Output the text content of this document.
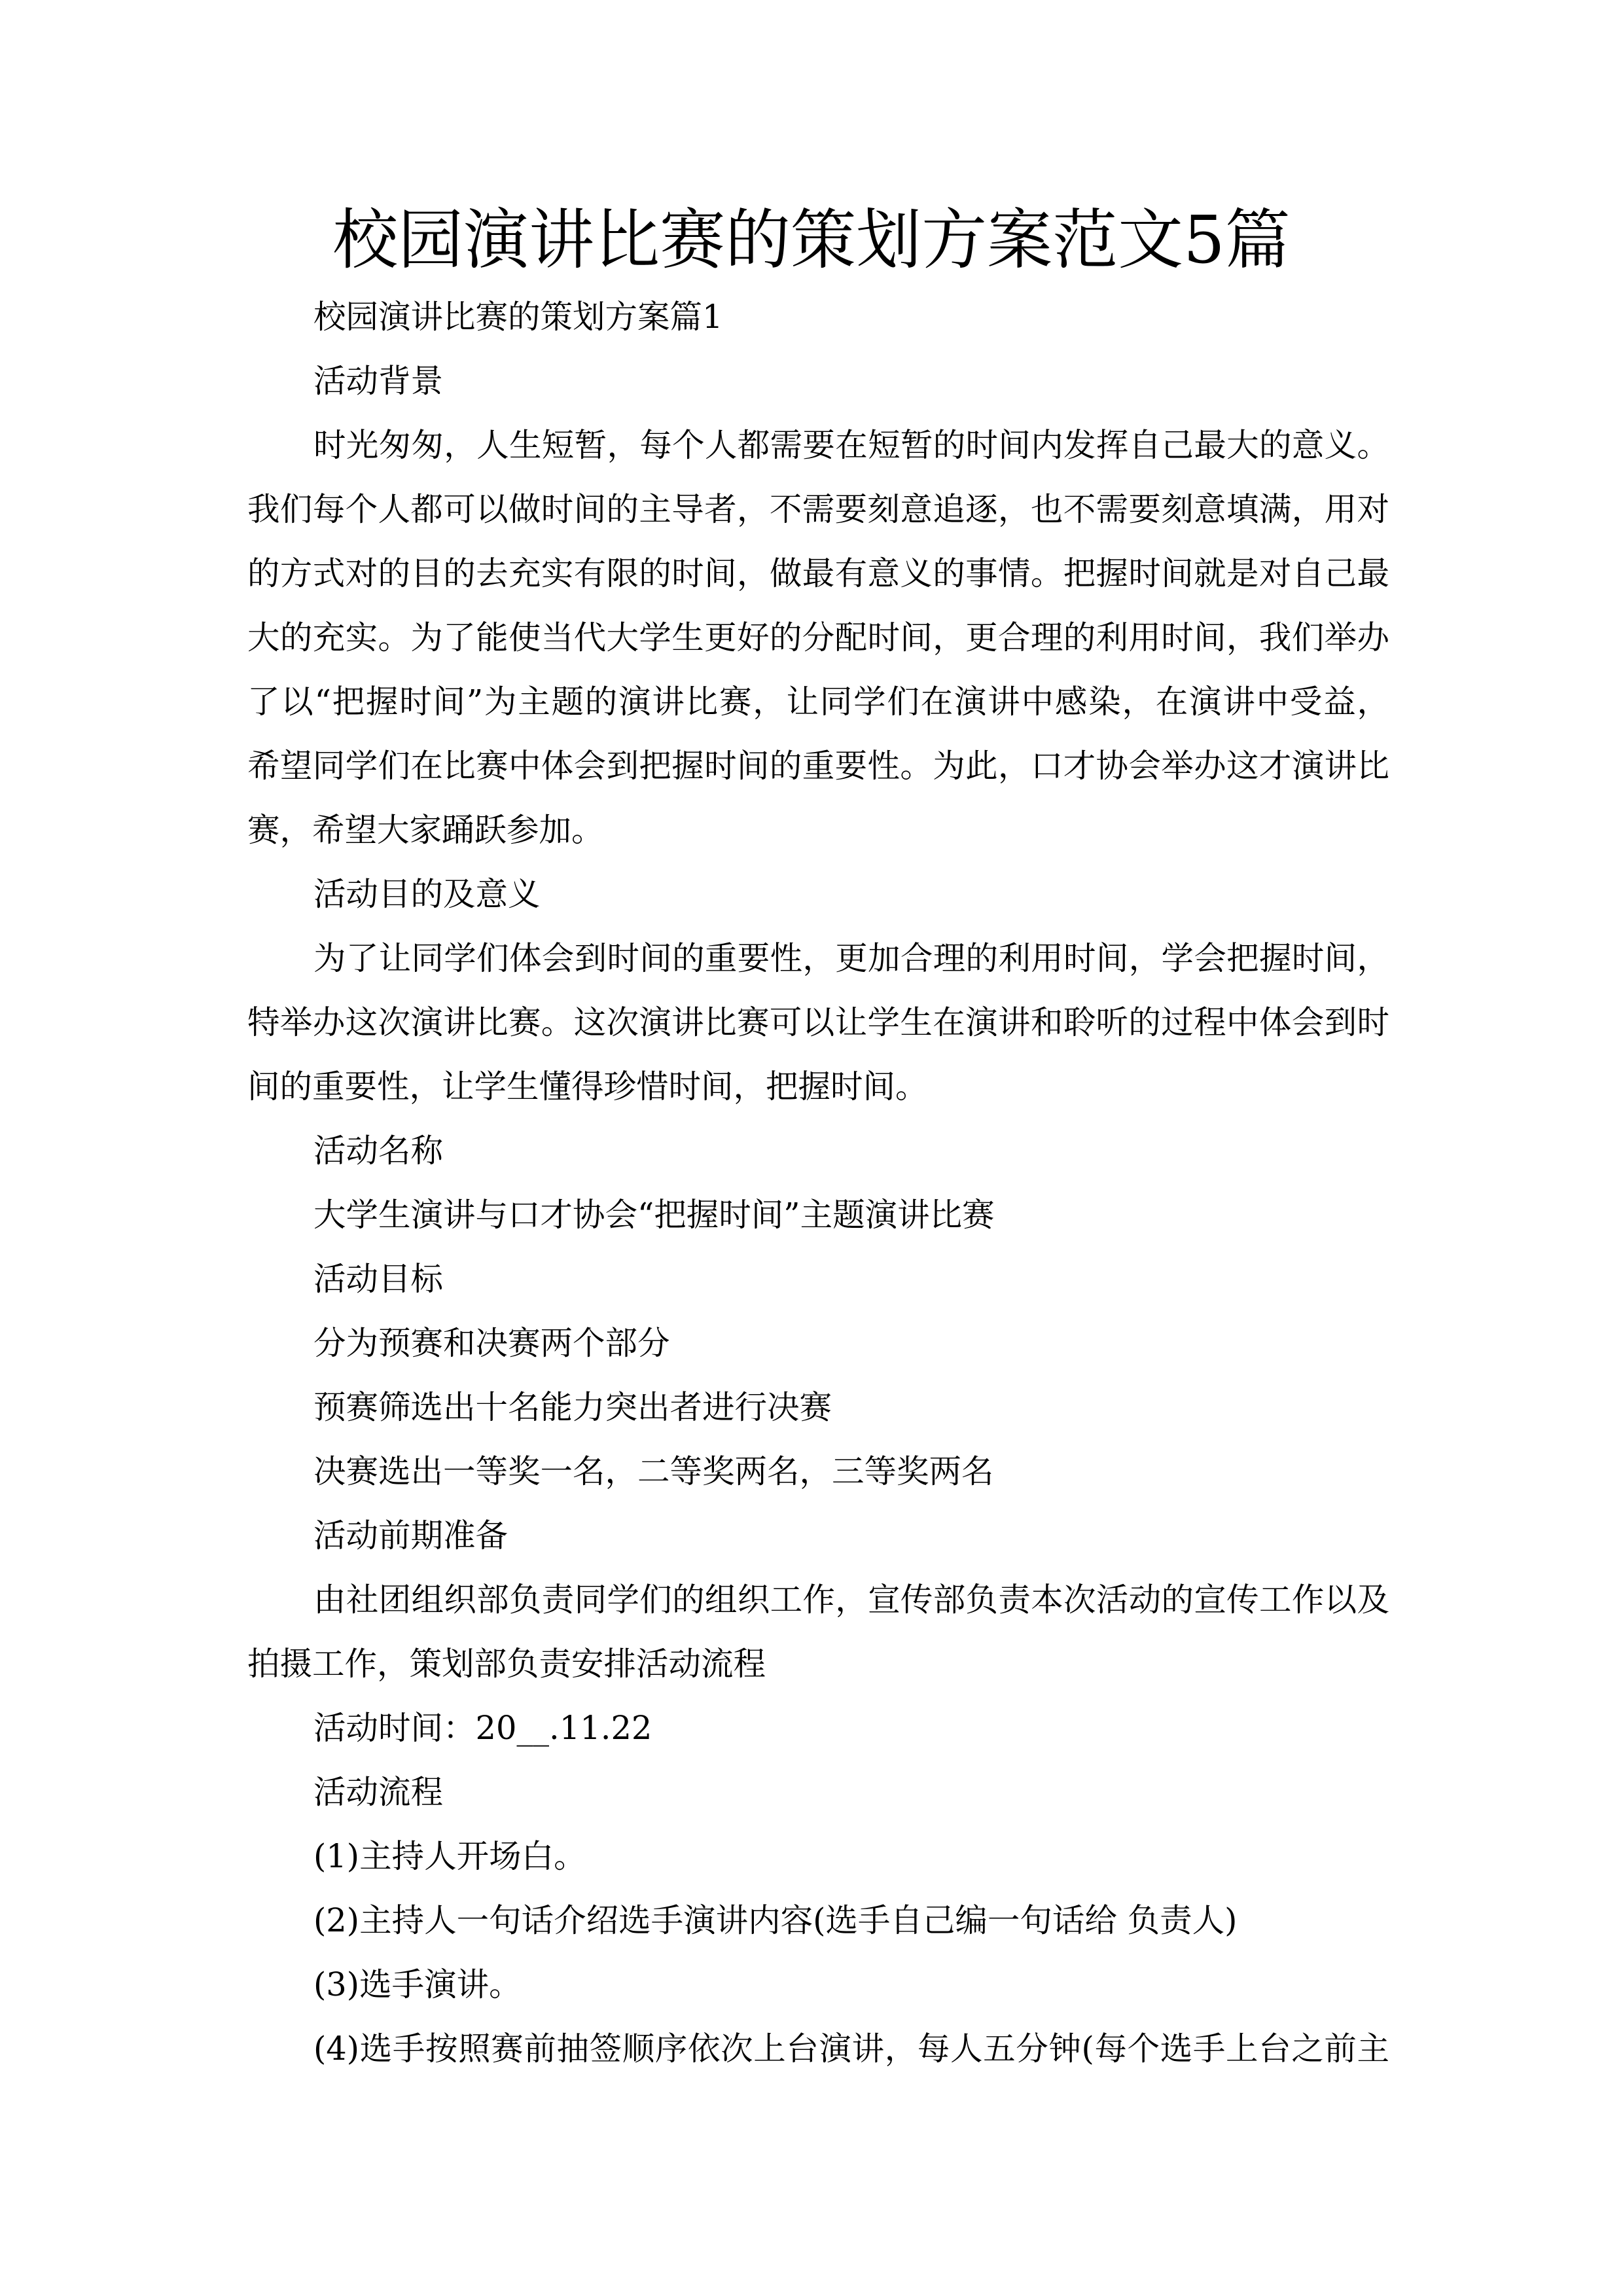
校园演讲比赛的策划方案范文5篇
校园演讲比赛的策划方案篇1
活动背景
时光匆匆，人生短暂，每个人都需要在短暂的时间内发挥自己最大的意义。
我们每个人都可以做时间的主导者，不需要刻意追逐，也不需要刻意填满，用对
的方式对的目的去充实有限的时间，做最有意义的事情。把握时间就是对自己最
大的充实。为了能使当代大学生更好的分配时间，更合理的利用时间，我们举办
了以“把握时间”为主题的演讲比赛，让同学们在演讲中感染，在演讲中受益，
希望同学们在比赛中体会到把握时间的重要性。为此，口才协会举办这才演讲比
赛，希望大家踊跃参加。
活动目的及意义
为了让同学们体会到时间的重要性，更加合理的利用时间，学会把握时间，
特举办这次演讲比赛。这次演讲比赛可以让学生在演讲和聆听的过程中体会到时
间的重要性，让学生懂得珍惜时间，把握时间。
活动名称
大学生演讲与口才协会“把握时间”主题演讲比赛
活动目标
分为预赛和决赛两个部分
预赛筛选出十名能力突出者进行决赛
决赛选出一等奖一名，二等奖两名，三等奖两名
活动前期准备
由社团组织部负责同学们的组织工作，宣传部负责本次活动的宣传工作以及
拍摄工作，策划部负责安排活动流程
活动时间：20__.11.22
活动流程
(1)主持人开场白。
(2)主持人一句话介绍选手演讲内容(选手自己编一句话给 负责人)
(3)选手演讲。
(4)选手按照赛前抽签顺序依次上台演讲，每人五分钟(每个选手上台之前主
